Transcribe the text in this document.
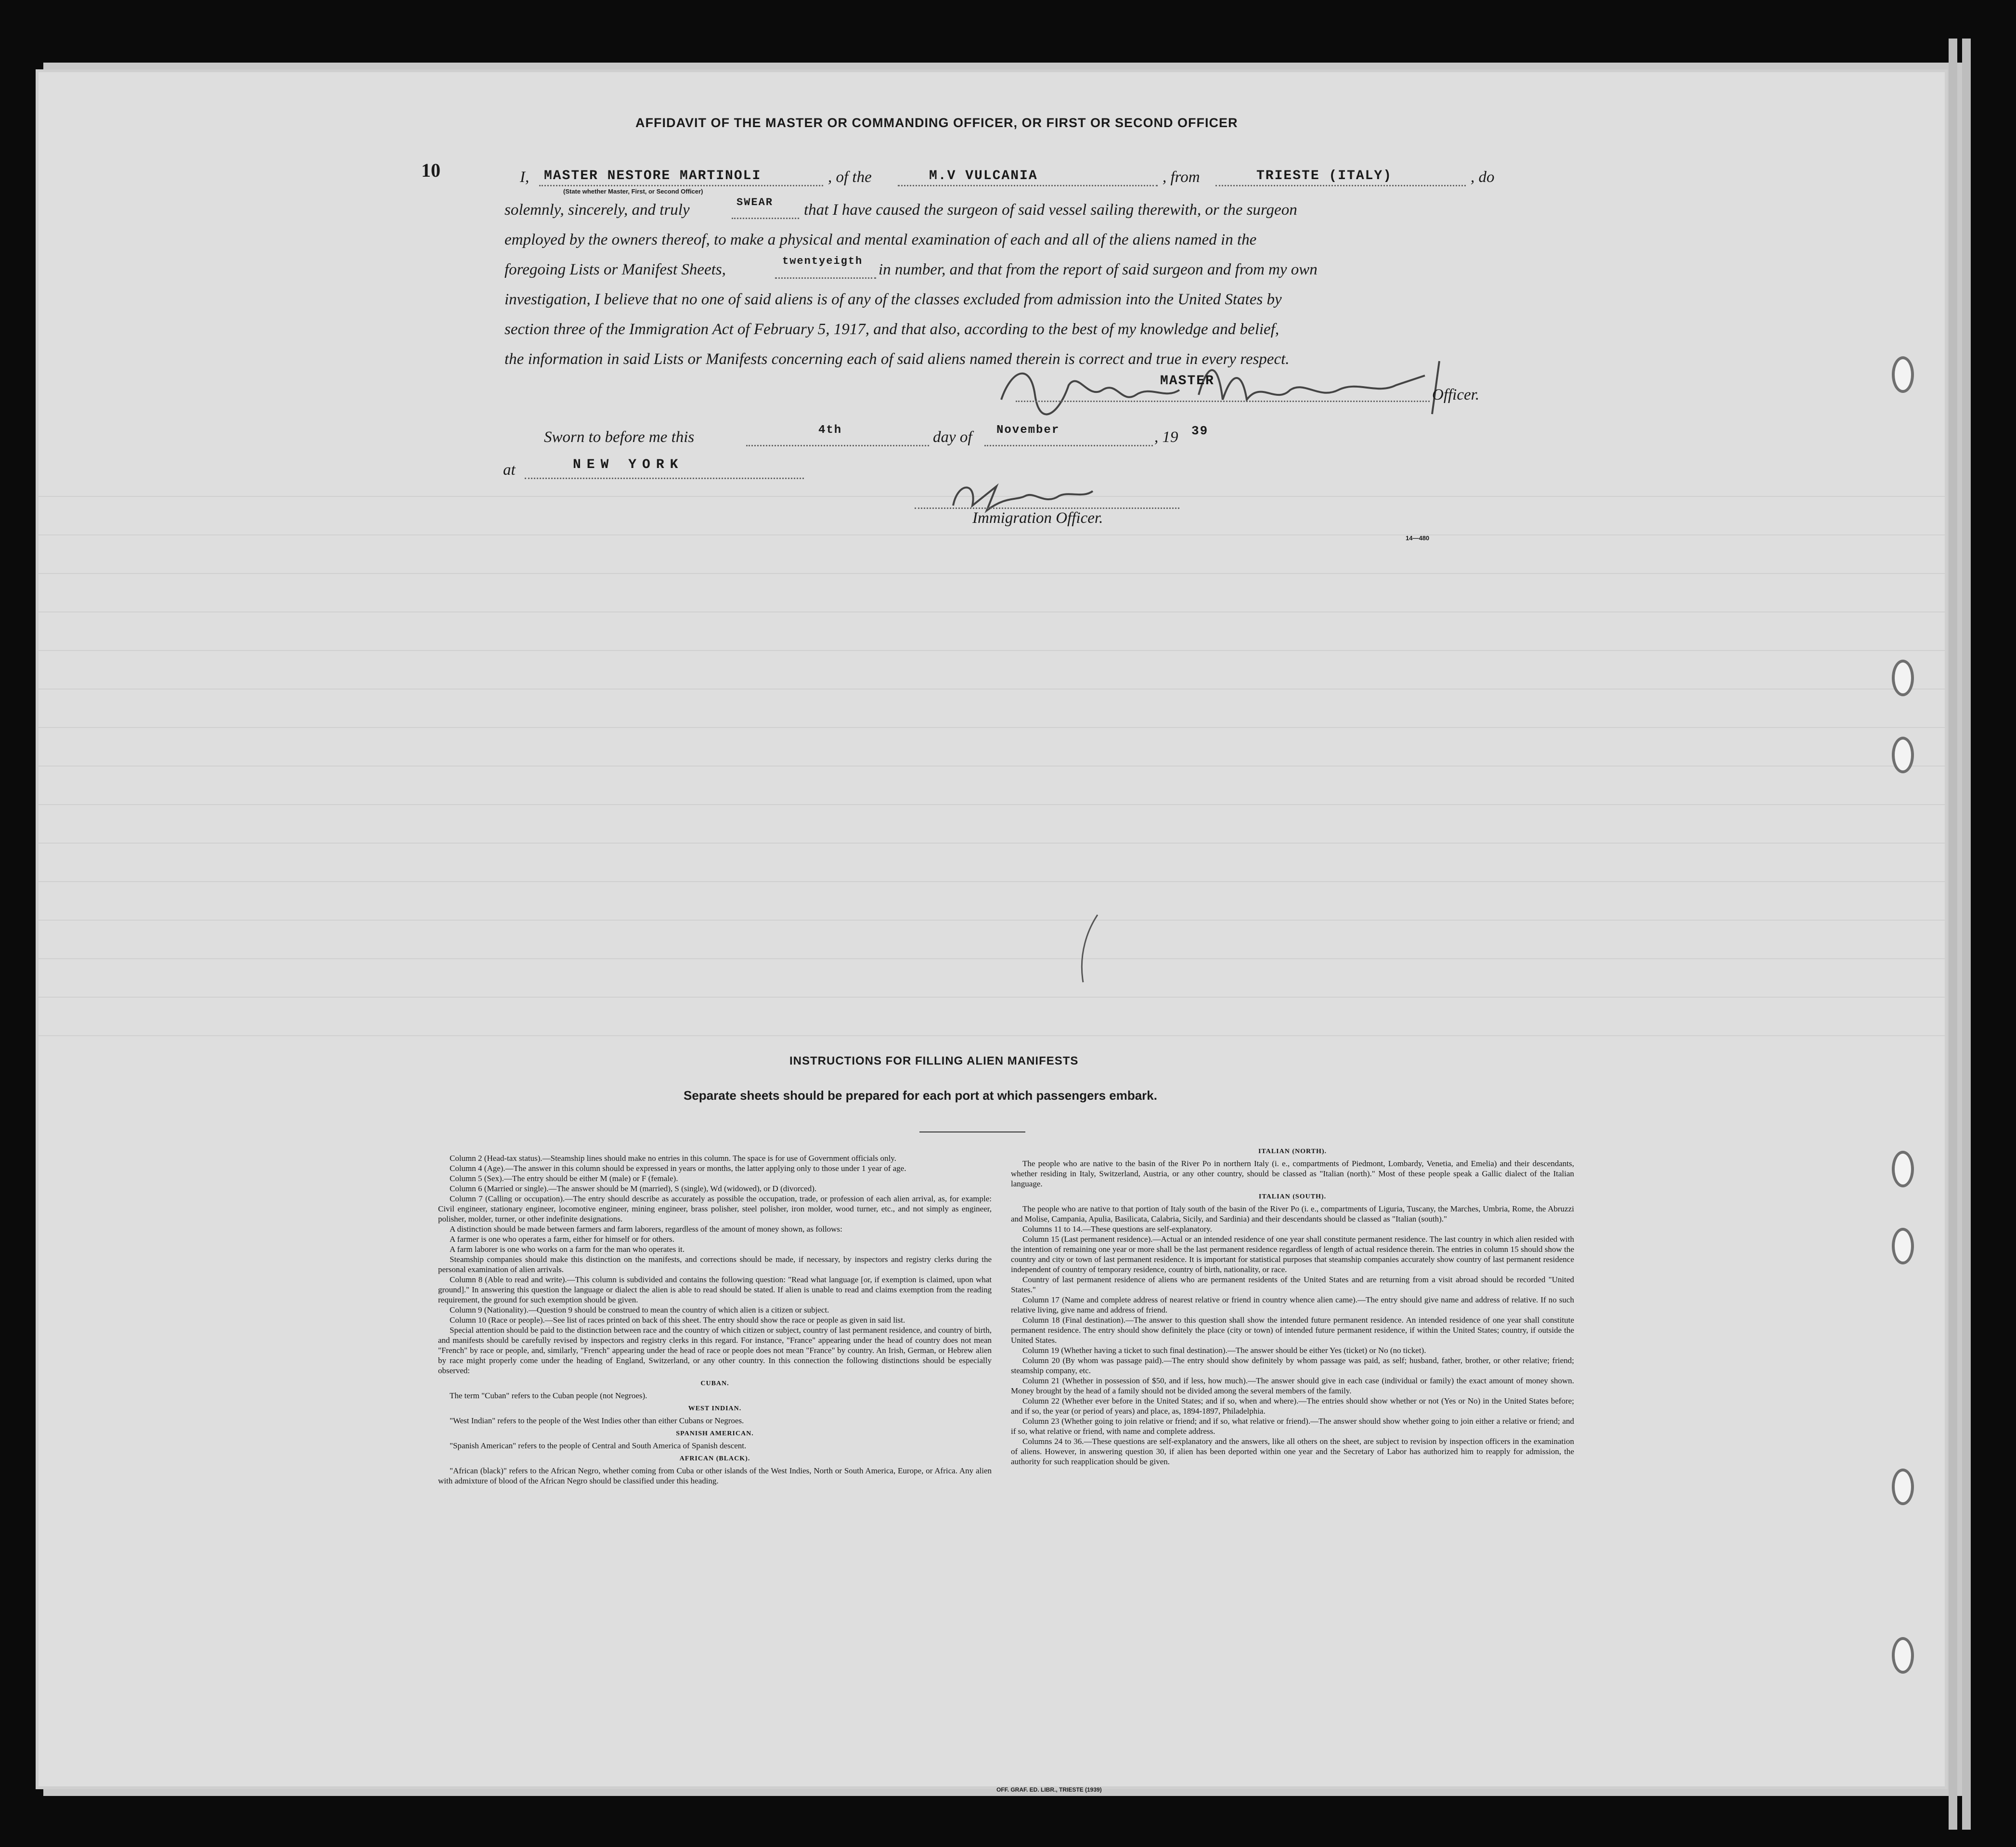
AFFIDAVIT OF THE MASTER OR COMMANDING OFFICER, OR FIRST OR SECOND OFFICER
10	I, MASTER NESTORE MARTINOLI	, of the	M.V VULCANIA	, from	TRIESTE (ITALY)	, do
(State whether Master, First, or Second Officer)
solemnly, sincerely, and truly	SWEAR that I have caused the surgeon of said vessel sailing therewith, or the surgeon
employed by the owners thereof, to make a physical and mental examination of each and all of the aliens named in the
foregoing Lists or Manifest Sheets,	twentyeigth in number, and that from the report of said surgeon and from my own
investigation, I believe that no one of said aliens is of any of the classes excluded from admission into the United States by
section three of the Immigration Act of February 5, 1917, and that also, according to the best of my knowledge and belief,
the information in said Lists or Manifests concerning each of said aliens named therein is correct and true in every respect.
MASTER
Officer.
Sworn to before me this	4th	day of November	, 19 39
at	NEW YORK
Immigration Officer.
14—480
INSTRUCTIONS FOR FILLING ALIEN MANIFESTS
Separate sheets should be prepared for each port at which passengers embark.

Column 2 (Head-tax status).—Steamship lines should make no entries in this column. The space is for use of Government officials only.

Column 4 (Age).—The answer in this column should be expressed in years or months, the latter applying only to those under 1 year of age.

Column 5 (Sex).—The entry should be either M (male) or F (female).

Column 6 (Married or single).—The answer should be M (married), S (single), Wd (widowed), or D (divorced).

Column 7 (Calling or occupation).—The entry should describe as accurately as possible the occupation, trade, or profession of each alien arrival, as, for example: Civil engineer, stationary engineer, locomotive engineer, mining engineer, brass polisher, steel polisher, iron molder, wood turner, etc., and not simply as engineer, polisher, molder, turner, or other indefinite designations.

A distinction should be made between farmers and farm laborers, regardless of the amount of money shown, as follows:

A farmer is one who operates a farm, either for himself or for others.

A farm laborer is one who works on a farm for the man who operates it.

Steamship companies should make this distinction on the manifests, and corrections should be made, if necessary, by inspectors and registry clerks during the personal examination of alien arrivals.

Column 8 (Able to read and write).—This column is subdivided and contains the following question: "Read what language [or, if exemption is claimed, upon what ground]." In answering this question the language or dialect the alien is able to read should be stated. If alien is unable to read and claims exemption from the reading requirement, the ground for such exemption should be given.

Column 9 (Nationality).—Question 9 should be construed to mean the country of which alien is a citizen or subject.

Column 10 (Race or people).—See list of races printed on back of this sheet. The entry should show the race or people as given in said list.

Special attention should be paid to the distinction between race and the country of which citizen or subject, country of last permanent residence, and country of birth, and manifests should be carefully revised by inspectors and registry clerks in this regard. For instance, "France" appearing under the head of country does not mean "French" by race or people, and, similarly, "French" appearing under the head of race or people does not mean "France" by country. An Irish, German, or Hebrew alien by race might properly come under the heading of England, Switzerland, or any other country. In this connection the following distinctions should be especially observed:

CUBAN.

The term "Cuban" refers to the Cuban people (not Negroes).

WEST INDIAN.

"West Indian" refers to the people of the West Indies other than either Cubans or Negroes.

SPANISH AMERICAN.

"Spanish American" refers to the people of Central and South America of Spanish descent.

AFRICAN (BLACK).

"African (black)" refers to the African Negro, whether coming from Cuba or other islands of the West Indies, North or South America, Europe, or Africa. Any alien with admixture of blood of the African Negro should be classified under this heading.

ITALIAN (NORTH).

The people who are native to the basin of the River Po in northern Italy (i. e., compartments of Piedmont, Lombardy, Venetia, and Emelia) and their descendants, whether residing in Italy, Switzerland, Austria, or any other country, should be classed as "Italian (north)." Most of these people speak a Gallic dialect of the Italian language.

ITALIAN (SOUTH).

The people who are native to that portion of Italy south of the basin of the River Po (i. e., compartments of Liguria, Tuscany, the Marches, Umbria, Rome, the Abruzzi and Molise, Campania, Apulia, Basilicata, Calabria, Sicily, and Sardinia) and their descendants should be classed as "Italian (south)."

Columns 11 to 14.—These questions are self-explanatory.

Column 15 (Last permanent residence).—Actual or an intended residence of one year shall constitute permanent residence. The last country in which alien resided with the intention of remaining one year or more shall be the last permanent residence regardless of length of actual residence therein. The entries in column 15 should show the country and city or town of last permanent residence. It is important for statistical purposes that steamship companies accurately show country of last permanent residence independent of country of temporary residence, country of birth, nationality, or race.

Country of last permanent residence of aliens who are permanent residents of the United States and are returning from a visit abroad should be recorded "United States."

Column 17 (Name and complete address of nearest relative or friend in country whence alien came).—The entry should give name and address of relative. If no such relative living, give name and address of friend.

Column 18 (Final destination).—The answer to this question shall show the intended future permanent residence. An intended residence of one year shall constitute permanent residence. The entry should show definitely the place (city or town) of intended future permanent residence, if within the United States; country, if outside the United States.

Column 19 (Whether having a ticket to such final destination).—The answer should be either Yes (ticket) or No (no ticket).

Column 20 (By whom was passage paid).—The entry should show definitely by whom passage was paid, as self; husband, father, brother, or other relative; friend; steamship company, etc.

Column 21 (Whether in possession of $50, and if less, how much).—The answer should give in each case (individual or family) the exact amount of money shown. Money brought by the head of a family should not be divided among the several members of the family.

Column 22 (Whether ever before in the United States; and if so, when and where).—The entries should show whether or not (Yes or No) in the United States before; and if so, the year (or period of years) and place, as, 1894-1897, Philadelphia.

Column 23 (Whether going to join relative or friend; and if so, what relative or friend).—The answer should show whether going to join either a relative or friend; and if so, what relative or friend, with name and complete address.

Columns 24 to 36.—These questions are self-explanatory and the answers, like all others on the sheet, are subject to revision by inspection officers in the examination of aliens. However, in answering question 30, if alien has been deported within one year and the Secretary of Labor has authorized him to reapply for admission, the authority for such reapplication should be given.

OFF. GRAF. ED. LIBR., TRIESTE (1939)
